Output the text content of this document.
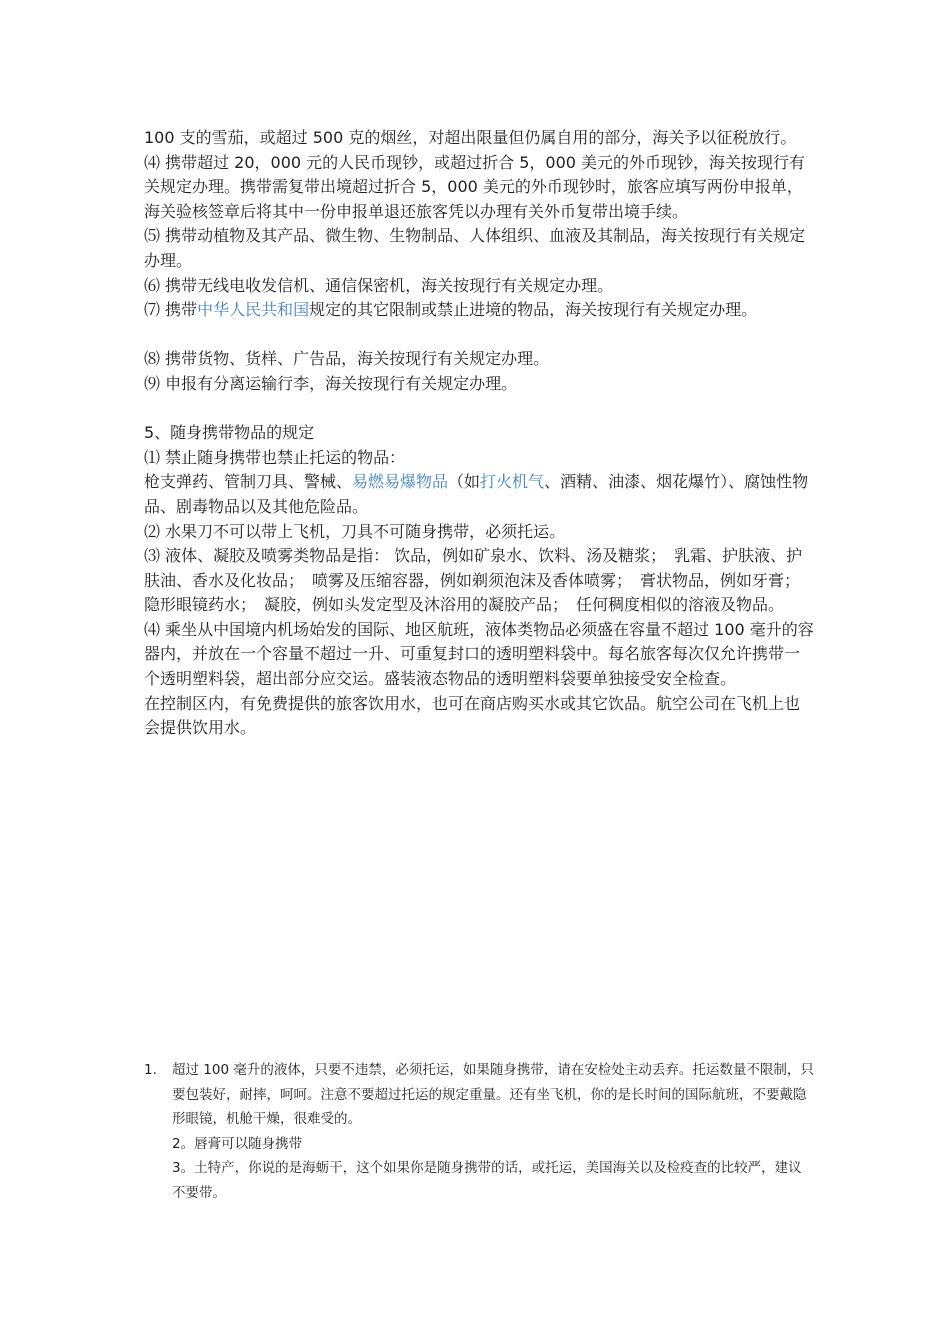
100 支的雪茄，或超过 500 克的烟丝，对超出限量但仍属自用的部分，海关予以征税放行。

⑷ 携带超过 20，000 元的人民币现钞，或超过折合 5，000 美元的外币现钞，海关按现行有关规定办理。携带需复带出境超过折合 5，000 美元的外币现钞时，旅客应填写两份申报单，海关验核签章后将其中一份申报单退还旅客凭以办理有关外币复带出境手续。

⑸ 携带动植物及其产品、微生物、生物制品、人体组织、血液及其制品，海关按现行有关规定办理。

⑹ 携带无线电收发信机、通信保密机，海关按现行有关规定办理。

⑺ 携带中华人民共和国规定的其它限制或禁止进境的物品，海关按现行有关规定办理。

⑻ 携带货物、货样、广告品，海关按现行有关规定办理。

⑼ 申报有分离运输行李，海关按现行有关规定办理。

5、随身携带物品的规定

⑴ 禁止随身携带也禁止托运的物品：

枪支弹药、管制刀具、警械、易燃易爆物品（如打火机气、酒精、油漆、烟花爆竹）、腐蚀性物品、剧毒物品以及其他危险品。

⑵ 水果刀不可以带上飞机，刀具不可随身携带，必须托运。

⑶ 液体、凝胶及喷雾类物品是指： 饮品，例如矿泉水、饮料、汤及糖浆；　乳霜、护肤液、护肤油、香水及化妆品；　喷雾及压缩容器，例如剃须泡沫及香体喷雾；　膏状物品，例如牙膏；　隐形眼镜药水；　凝胶，例如头发定型及沐浴用的凝胶产品；　任何稠度相似的溶液及物品。

⑷ 乘坐从中国境内机场始发的国际、地区航班，液体类物品必须盛在容量不超过 100 毫升的容器内，并放在一个容量不超过一升、可重复封口的透明塑料袋中。每名旅客每次仅允许携带一个透明塑料袋，超出部分应交运。盛装液态物品的透明塑料袋要单独接受安全检查。

在控制区内，有免费提供的旅客饮用水，也可在商店购买水或其它饮品。航空公司在飞机上也会提供饮用水。

1.	超过 100 毫升的液体，只要不违禁，必须托运，如果随身携带，请在安检处主动丢弃。托运数量不限制，只要包装好，耐摔，呵呵。注意不要超过托运的规定重量。还有坐飞机，你的是长时间的国际航班，不要戴隐形眼镜，机舱干燥，很难受的。
2。唇膏可以随身携带
3。土特产，你说的是海蛎干，这个如果你是随身携带的话，或托运，美国海关以及检疫查的比较严，建议不要带。
